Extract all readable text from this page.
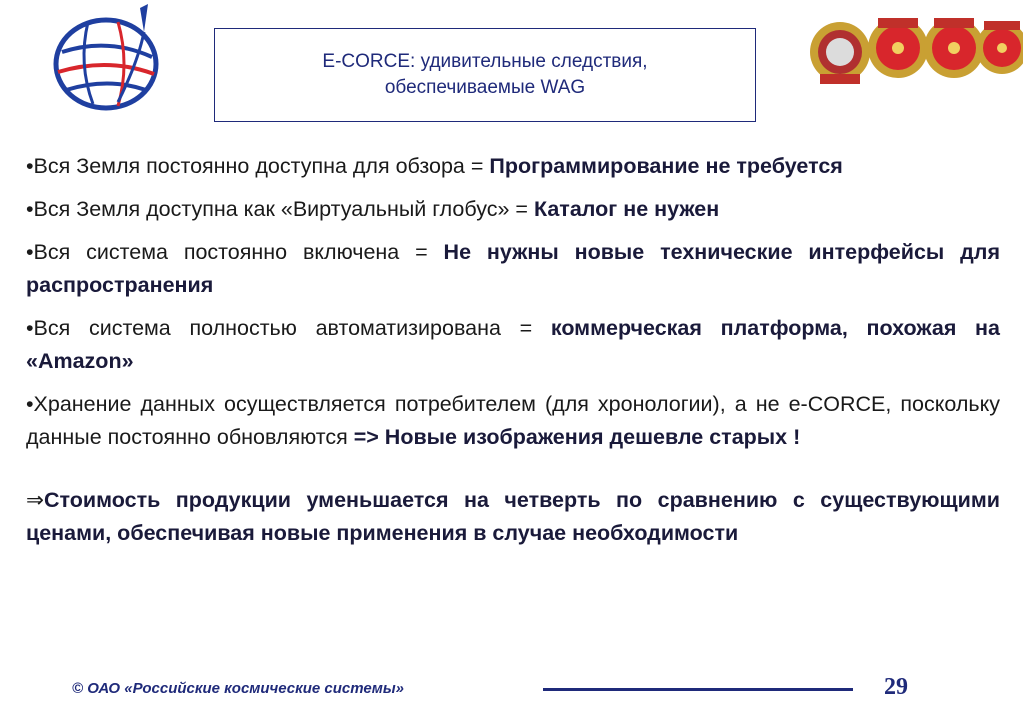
E-CORCE: удивительные следствия,
обеспечиваемые WAG

•Вся Земля постоянно доступна для обзора = Программирование не требуется

•Вся Земля доступна как «Виртуальный глобус» = Каталог не нужен

•Вся система постоянно включена = Не нужны новые технические интерфейсы для распространения

•Вся система полностью автоматизирована = коммерческая платформа, похожая на «Amazon»

•Хранение данных осуществляется потребителем (для хронологии), а не e-CORCE, поскольку данные постоянно обновляются => Новые изображения дешевле старых !

⇒Стоимость продукции уменьшается на четверть по сравнению с существующими ценами, обеспечивая новые применения в случае необходимости

© ОАО «Российские космические системы»	29
